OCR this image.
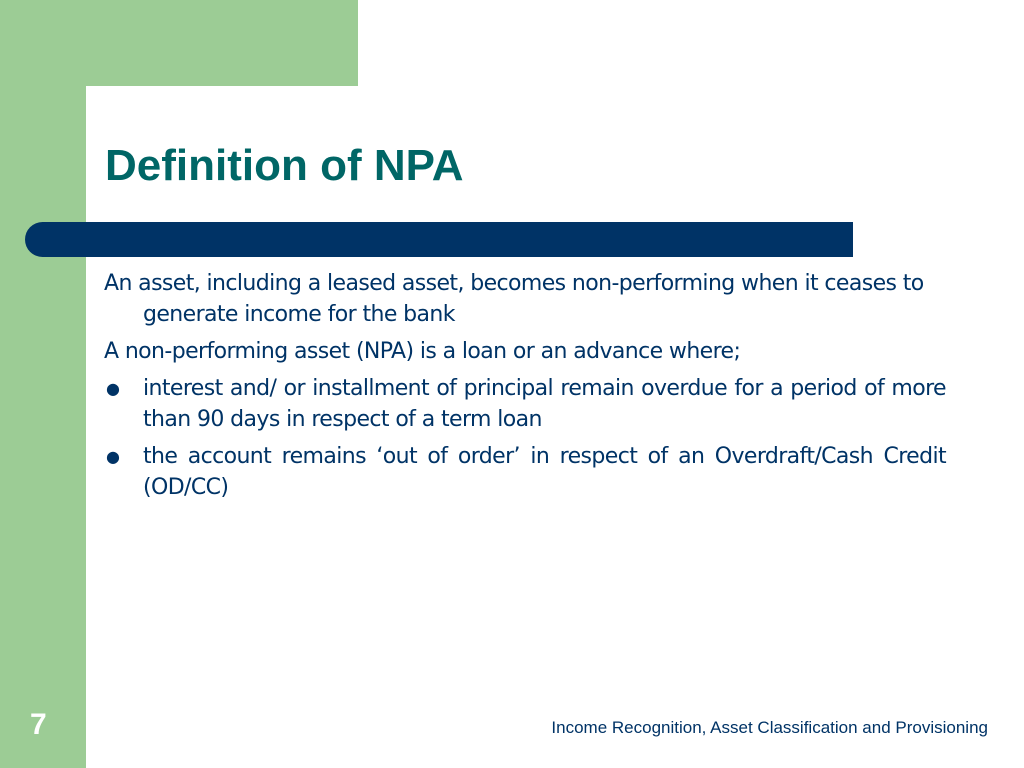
Definition of NPA

An asset, including a leased asset, becomes non-performing when it ceases to generate income for the bank

A non-performing asset (NPA) is a loan or an advance where;

● interest and/ or installment of principal remain overdue for a period of more than 90 days in respect of a term loan
● the account remains ‘out of order’ in respect of an Overdraft/Cash Credit (OD/CC)
7	Income Recognition, Asset Classification and Provisioning
